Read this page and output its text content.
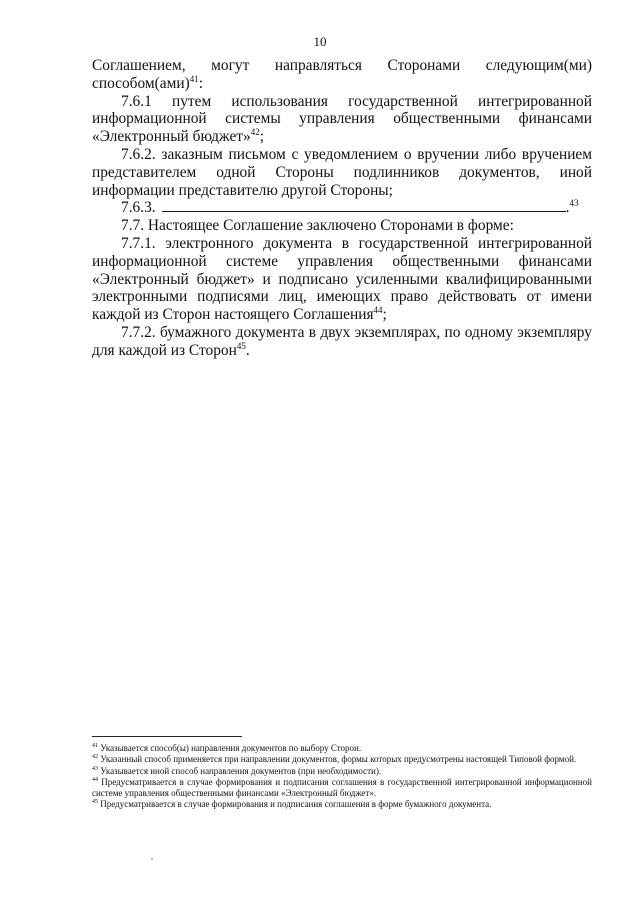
10

Соглашением, могут направляться Сторонами следующим(ми) способом(ами)$^{41}$:

7.6.1 путем использования государственной интегрированной информационной системы управления общественными финансами «Электронный бюджет»$^{42}$;

7.6.2. заказным письмом с уведомлением о вручении либо вручением представителем одной Стороны подлинников документов, иной информации представителю другой Стороны;

7.6.3.	.$^{43}$

7.7. Настоящее Соглашение заключено Сторонами в форме:

7.7.1. электронного документа в государственной интегрированной информационной системе управления общественными финансами «Электронный бюджет» и подписано усиленными квалифицированными электронными подписями лиц, имеющих право действовать от имени каждой из Сторон настоящего Соглашения$^{44}$;

7.7.2. бумажного документа в двух экземплярах, по одному экземпляру для каждой из Сторон$^{45}$.

$^{41}$ Указывается способ(ы) направления документов по выбору Сторон.

$^{42}$ Указанный способ применяется при направлении документов, формы которых предусмотрены настоящей Типовой формой.

$^{43}$ Указывается иной способ направления документов (при необходимости).

$^{44}$ Предусматривается в случае формирования и подписания соглашения в государственной интегрированной информационной системе управления общественными финансами «Электронный бюджет».

$^{45}$ Предусматривается в случае формирования и подписания соглашения в форме бумажного документа.
